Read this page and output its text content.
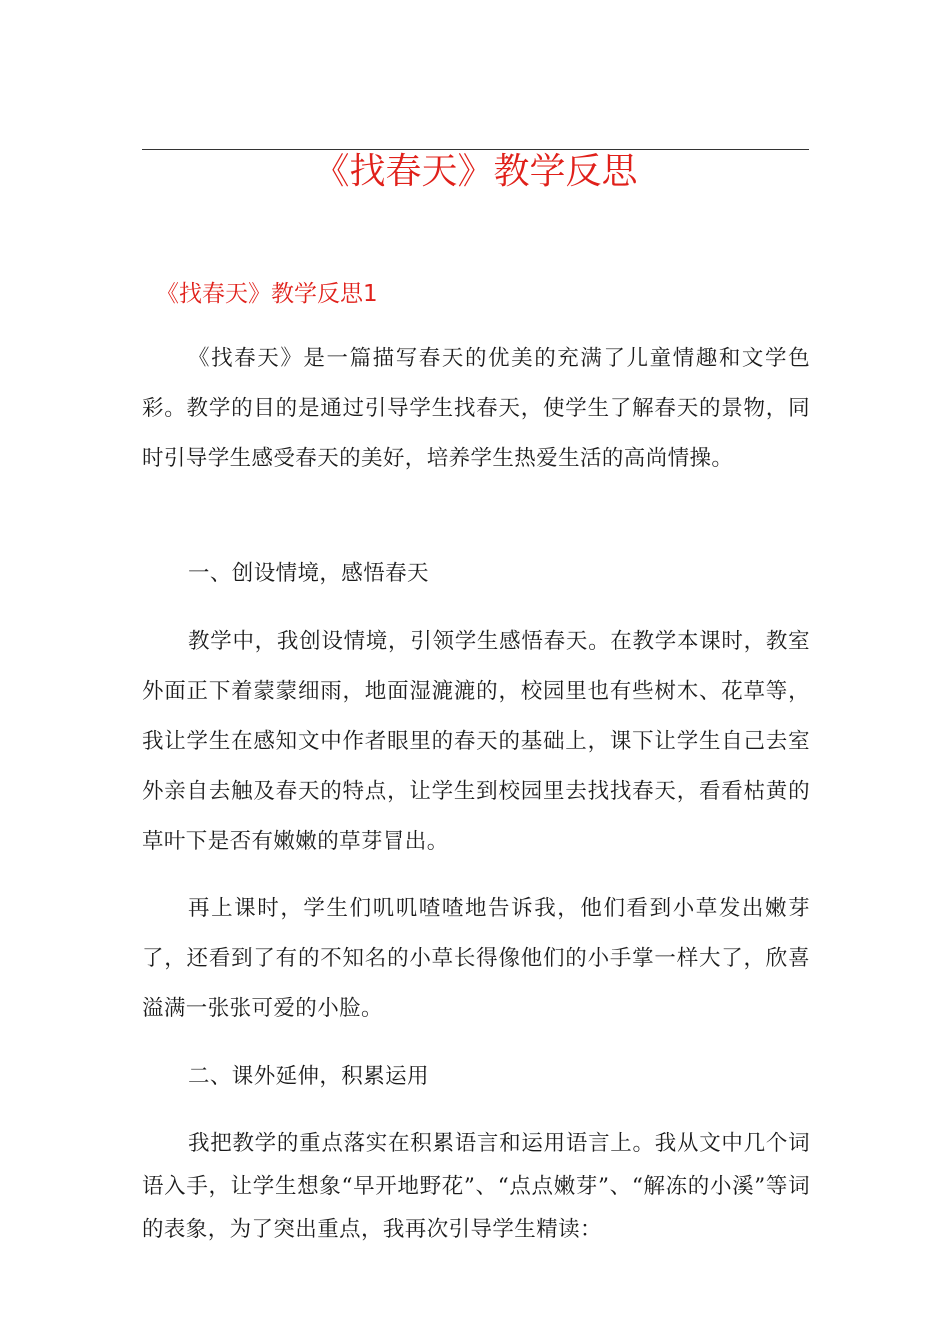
《找春天》教学反思
《找春天》教学反思1

《找春天》是一篇描写春天的优美的充满了儿童情趣和文学色彩。教学的目的是通过引导学生找春天，使学生了解春天的景物，同时引导学生感受春天的美好，培养学生热爱生活的高尚情操。

一、创设情境，感悟春天

教学中，我创设情境，引领学生感悟春天。在教学本课时，教室外面正下着蒙蒙细雨，地面湿漉漉的，校园里也有些树木、花草等，我让学生在感知文中作者眼里的春天的基础上，课下让学生自己去室外亲自去触及春天的特点，让学生到校园里去找找春天，看看枯黄的草叶下是否有嫩嫩的草芽冒出。

再上课时，学生们叽叽喳喳地告诉我，他们看到小草发出嫩芽了，还看到了有的不知名的小草长得像他们的小手掌一样大了，欣喜溢满一张张可爱的小脸。

二、课外延伸，积累运用

我把教学的重点落实在积累语言和运用语言上。我从文中几个词语入手，让学生想象“早开地野花”、“点点嫩芽”、“解冻的小溪”等词的表象，为了突出重点，我再次引导学生精读：
